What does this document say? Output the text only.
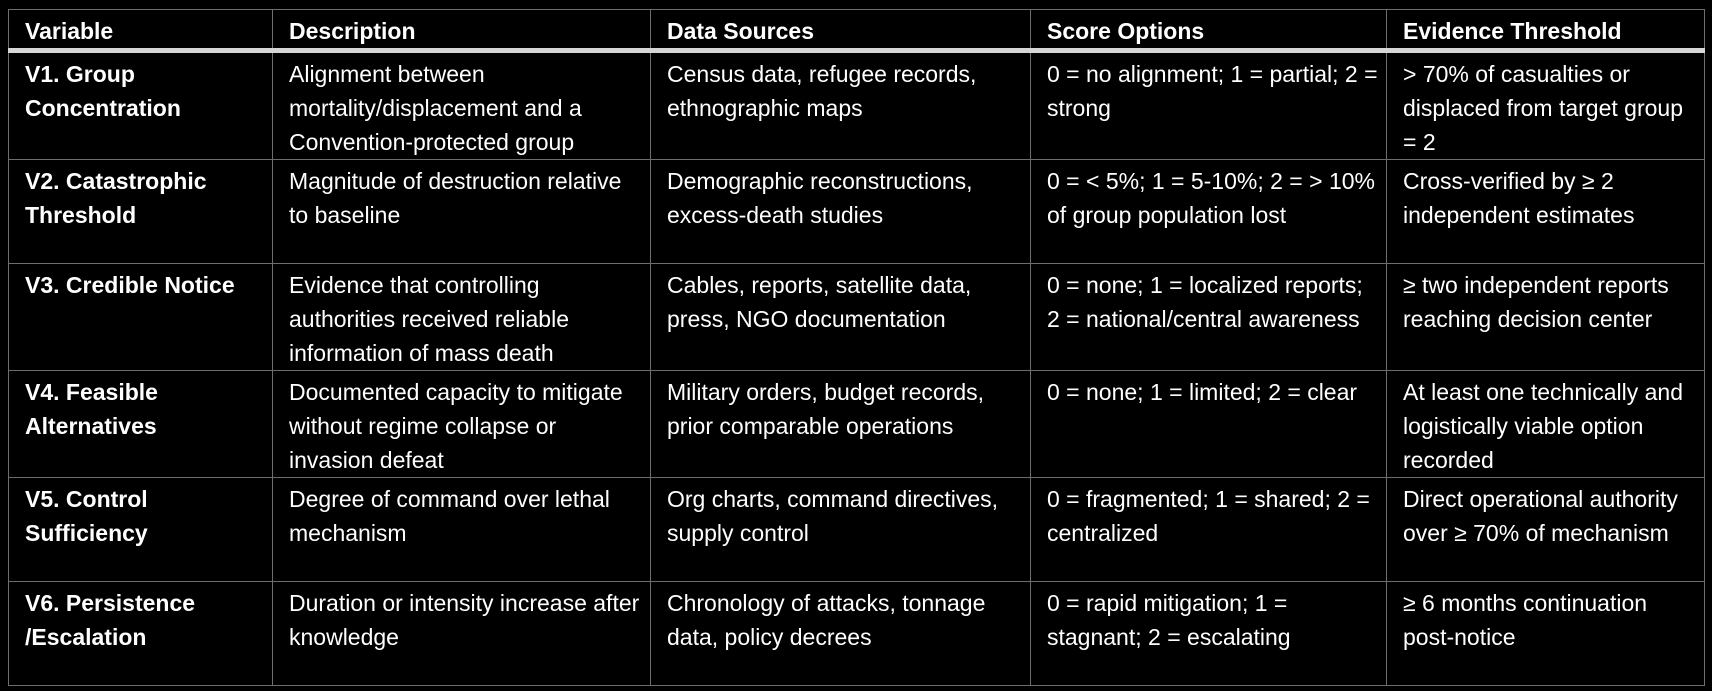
Variable	Description	Data Sources	Score Options	Evidence Threshold
V1. Group Concentration	Alignment between mortality/displacement and a Convention-protected group	Census data, refugee records, ethnographic maps	0 = no alignment; 1 = partial; 2 = strong	> 70% of casualties or displaced from target group = 2
V2. Catastrophic Threshold	Magnitude of destruction relative to baseline	Demographic reconstructions, excess-death studies	0 = < 5%; 1 = 5-10%; 2 = > 10% of group population lost	Cross-verified by ≥ 2 independent estimates
V3. Credible Notice	Evidence that controlling authorities received reliable information of mass death	Cables, reports, satellite data, press, NGO documentation	0 = none; 1 = localized reports; 2 = national/central awareness	≥ two independent reports reaching decision center
V4. Feasible Alternatives	Documented capacity to mitigate without regime collapse or invasion defeat	Military orders, budget records, prior comparable operations	0 = none; 1 = limited; 2 = clear	At least one technically and logistically viable option recorded
V5. Control Sufficiency	Degree of command over lethal mechanism	Org charts, command directives, supply control	0 = fragmented; 1 = shared; 2 = centralized	Direct operational authority over ≥ 70% of mechanism
V6. Persistence /Escalation	Duration or intensity increase after knowledge	Chronology of attacks, tonnage data, policy decrees	0 = rapid mitigation; 1 = stagnant; 2 = escalating	≥ 6 months continuation post-notice
